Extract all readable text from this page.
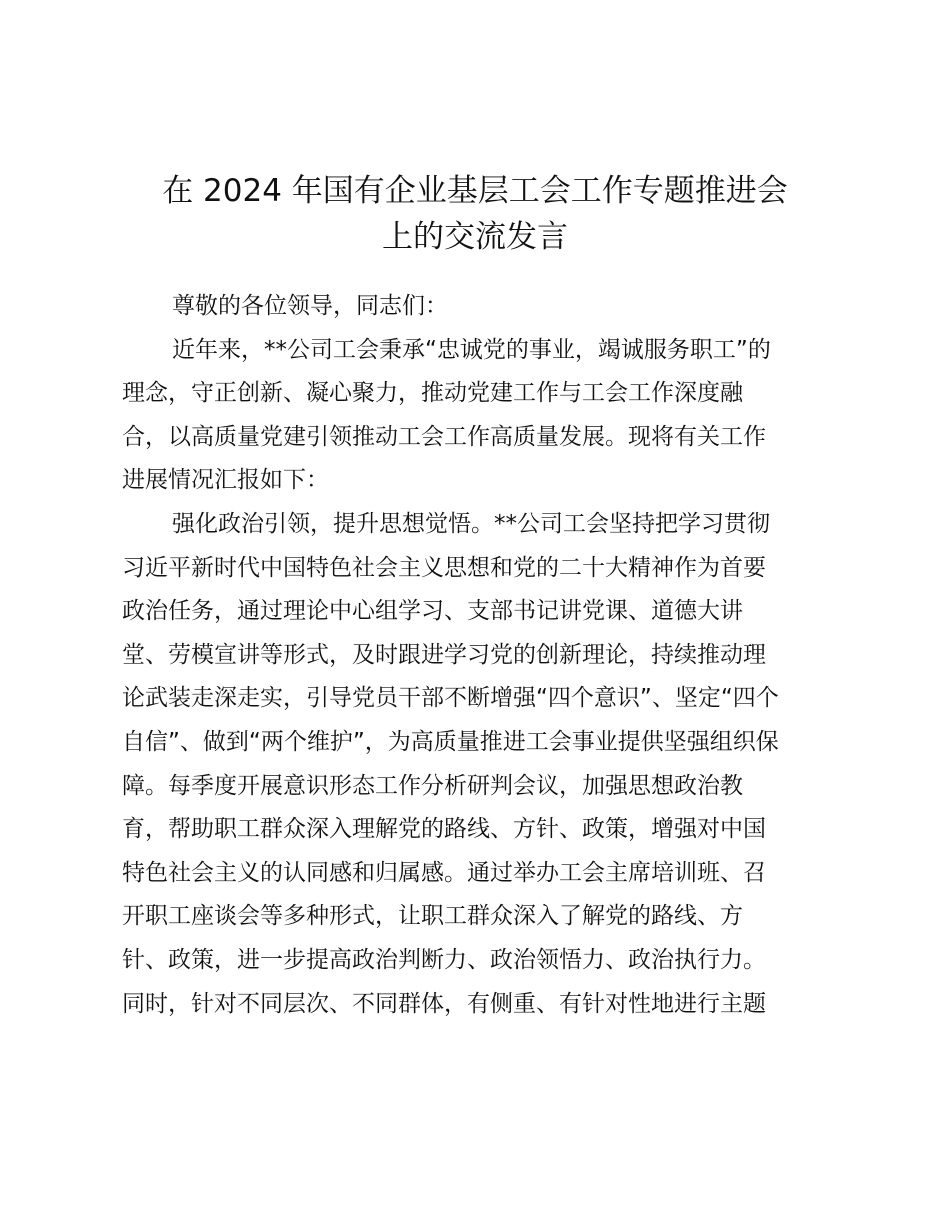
在 2024 年国有企业基层工会工作专题推进会
上的交流发言

尊敬的各位领导，同志们：

近年来，**公司工会秉承“忠诚党的事业，竭诚服务职工”的
理念，守正创新、凝心聚力，推动党建工作与工会工作深度融
合，以高质量党建引领推动工会工作高质量发展。现将有关工作
进展情况汇报如下：

强化政治引领，提升思想觉悟。**公司工会坚持把学习贯彻
习近平新时代中国特色社会主义思想和党的二十大精神作为首要
政治任务，通过理论中心组学习、支部书记讲党课、道德大讲
堂、劳模宣讲等形式，及时跟进学习党的创新理论，持续推动理
论武装走深走实，引导党员干部不断增强“四个意识”、坚定“四个
自信”、做到“两个维护”，为高质量推进工会事业提供坚强组织保
障。每季度开展意识形态工作分析研判会议，加强思想政治教
育，帮助职工群众深入理解党的路线、方针、政策，增强对中国
特色社会主义的认同感和归属感。通过举办工会主席培训班、召
开职工座谈会等多种形式，让职工群众深入了解党的路线、方
针、政策，进一步提高政治判断力、政治领悟力、政治执行力。
同时，针对不同层次、不同群体，有侧重、有针对性地进行主题
